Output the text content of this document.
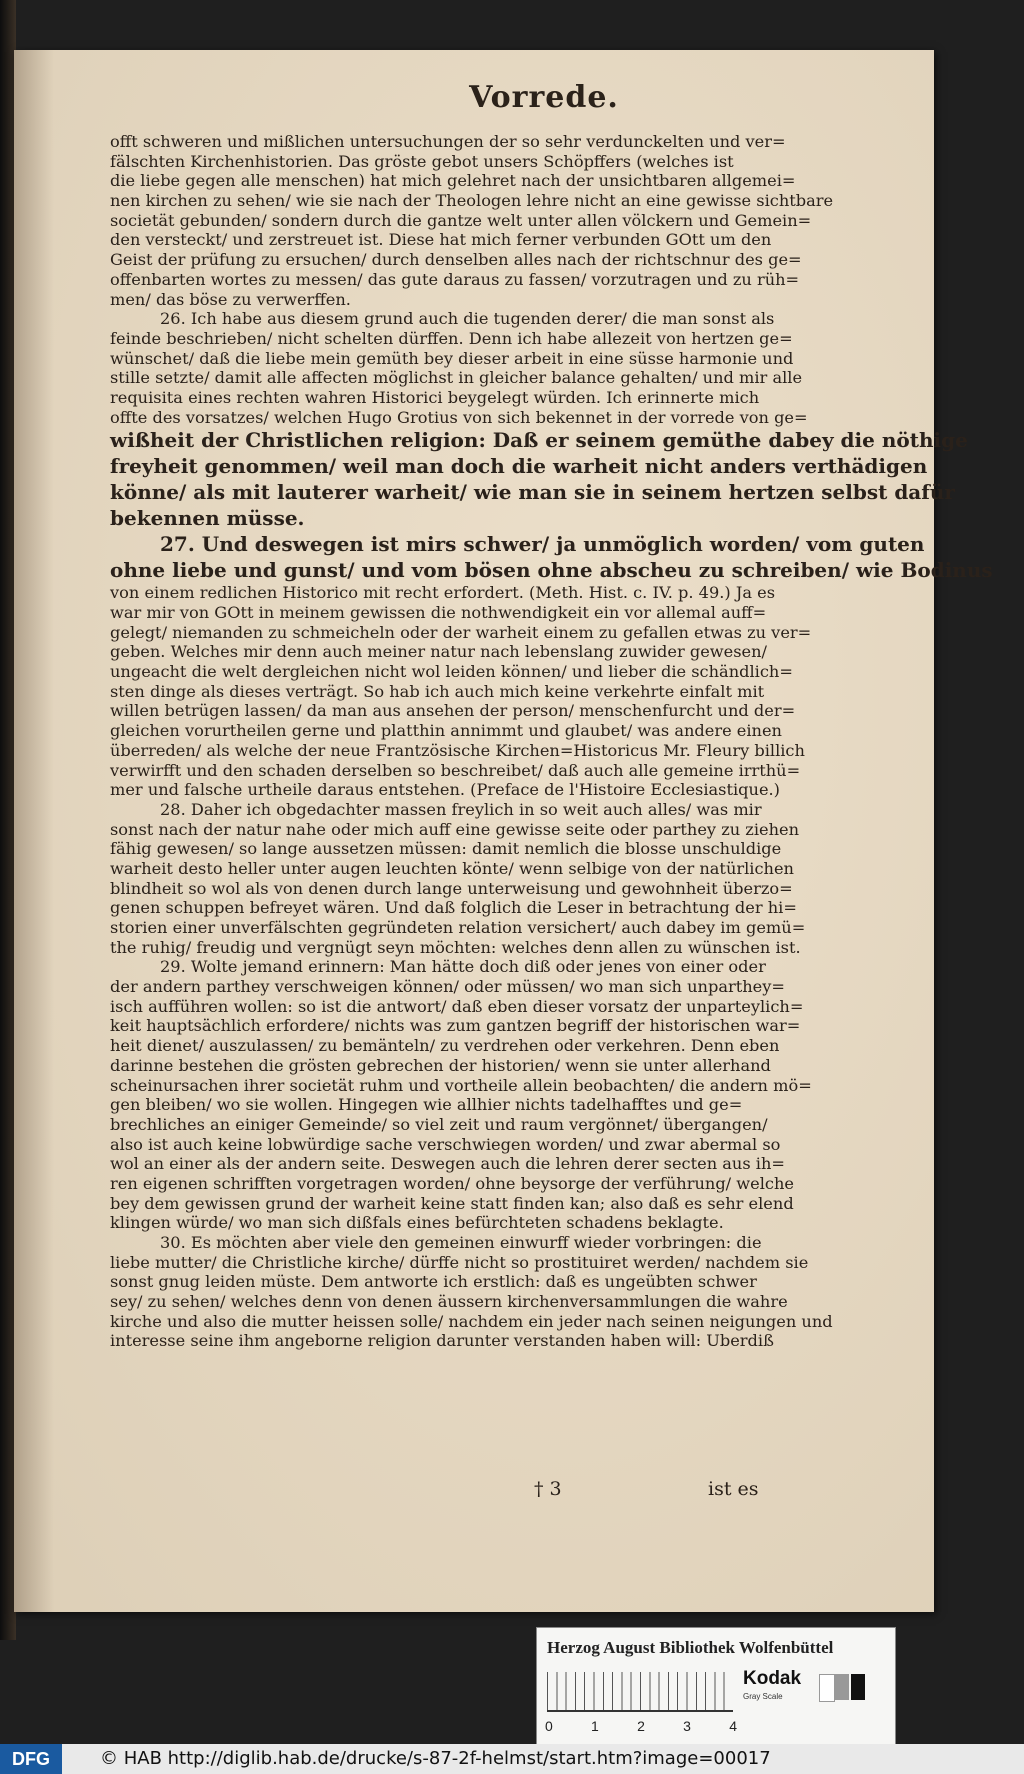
Vorrede.
offt schweren und mißlichen untersuchungen der so sehr verdunckelten und ver=
fälschten Kirchenhistorien. Das gröste gebot unsers Schöpffers (welches ist
die liebe gegen alle menschen) hat mich gelehret nach der unsichtbaren allgemei=
nen kirchen zu sehen/ wie sie nach der Theologen lehre nicht an eine gewisse sichtbare
societät gebunden/ sondern durch die gantze welt unter allen völckern und Gemein=
den versteckt/ und zerstreuet ist. Diese hat mich ferner verbunden GOtt um den
Geist der prüfung zu ersuchen/ durch denselben alles nach der richtschnur des ge=
offenbarten wortes zu messen/ das gute daraus zu fassen/ vorzutragen und zu rüh=
men/ das böse zu verwerffen.
26. Ich habe aus diesem grund auch die tugenden derer/ die man sonst als
feinde beschrieben/ nicht schelten dürffen. Denn ich habe allezeit von hertzen ge=
wünschet/ daß die liebe mein gemüth bey dieser arbeit in eine süsse harmonie und
stille setzte/ damit alle affecten möglichst in gleicher balance gehalten/ und mir alle
requisita eines rechten wahren Historici beygelegt würden. Ich erinnerte mich
offte des vorsatzes/ welchen Hugo Grotius von sich bekennet in der vorrede von ge=
wißheit der Christlichen religion: Daß er seinem gemüthe dabey die nöthige
freyheit genommen/ weil man doch die warheit nicht anders verthädigen
könne/ als mit lauterer warheit/ wie man sie in seinem hertzen selbst dafür
bekennen müsse.
27. Und deswegen ist mirs schwer/ ja unmöglich worden/ vom guten
ohne liebe und gunst/ und vom bösen ohne abscheu zu schreiben/ wie Bodinus
von einem redlichen Historico mit recht erfordert. (Meth. Hist. c. IV. p. 49.) Ja es
war mir von GOtt in meinem gewissen die nothwendigkeit ein vor allemal auff=
gelegt/ niemanden zu schmeicheln oder der warheit einem zu gefallen etwas zu ver=
geben. Welches mir denn auch meiner natur nach lebenslang zuwider gewesen/
ungeacht die welt dergleichen nicht wol leiden können/ und lieber die schändlich=
sten dinge als dieses verträgt. So hab ich auch mich keine verkehrte einfalt mit
willen betrügen lassen/ da man aus ansehen der person/ menschenfurcht und der=
gleichen vorurtheilen gerne und platthin annimmt und glaubet/ was andere einen
überreden/ als welche der neue Frantzösische Kirchen=Historicus Mr. Fleury billich
verwirfft und den schaden derselben so beschreibet/ daß auch alle gemeine irrthü=
mer und falsche urtheile daraus entstehen. (Preface de l'Histoire Ecclesiastique.)
28. Daher ich obgedachter massen freylich in so weit auch alles/ was mir
sonst nach der natur nahe oder mich auff eine gewisse seite oder parthey zu ziehen
fähig gewesen/ so lange aussetzen müssen: damit nemlich die blosse unschuldige
warheit desto heller unter augen leuchten könte/ wenn selbige von der natürlichen
blindheit so wol als von denen durch lange unterweisung und gewohnheit überzo=
genen schuppen befreyet wären. Und daß folglich die Leser in betrachtung der hi=
storien einer unverfälschten gegründeten relation versichert/ auch dabey im gemü=
the ruhig/ freudig und vergnügt seyn möchten: welches denn allen zu wünschen ist.
29. Wolte jemand erinnern: Man hätte doch diß oder jenes von einer oder
der andern parthey verschweigen können/ oder müssen/ wo man sich unparthey=
isch aufführen wollen: so ist die antwort/ daß eben dieser vorsatz der unparteylich=
keit hauptsächlich erfordere/ nichts was zum gantzen begriff der historischen war=
heit dienet/ auszulassen/ zu bemänteln/ zu verdrehen oder verkehren. Denn eben
darinne bestehen die grösten gebrechen der historien/ wenn sie unter allerhand
scheinursachen ihrer societät ruhm und vortheile allein beobachten/ die andern mö=
gen bleiben/ wo sie wollen. Hingegen wie allhier nichts tadelhafftes und ge=
brechliches an einiger Gemeinde/ so viel zeit und raum vergönnet/ übergangen/
also ist auch keine lobwürdige sache verschwiegen worden/ und zwar abermal so
wol an einer als der andern seite. Deswegen auch die lehren derer secten aus ih=
ren eigenen schrifften vorgetragen worden/ ohne beysorge der verführung/ welche
bey dem gewissen grund der warheit keine statt finden kan; also daß es sehr elend
klingen würde/ wo man sich dißfals eines befürchteten schadens beklagte.
30. Es möchten aber viele den gemeinen einwurff wieder vorbringen: die
liebe mutter/ die Christliche kirche/ dürffe nicht so prostituiret werden/ nachdem sie
sonst gnug leiden müste. Dem antworte ich erstlich: daß es ungeübten schwer
sey/ zu sehen/ welches denn von denen äussern kirchenversammlungen die wahre
kirche und also die mutter heissen solle/ nachdem ein jeder nach seinen neigungen und
interesse seine ihm angeborne religion darunter verstanden haben will: Uberdiß
† 3	ist es
Herzog August Bibliothek Wolfenbüttel
0	1	2	3	4
Kodak
Gray Scale
DFG	© HAB http://diglib.hab.de/drucke/s-87-2f-helmst/start.htm?image=00017
